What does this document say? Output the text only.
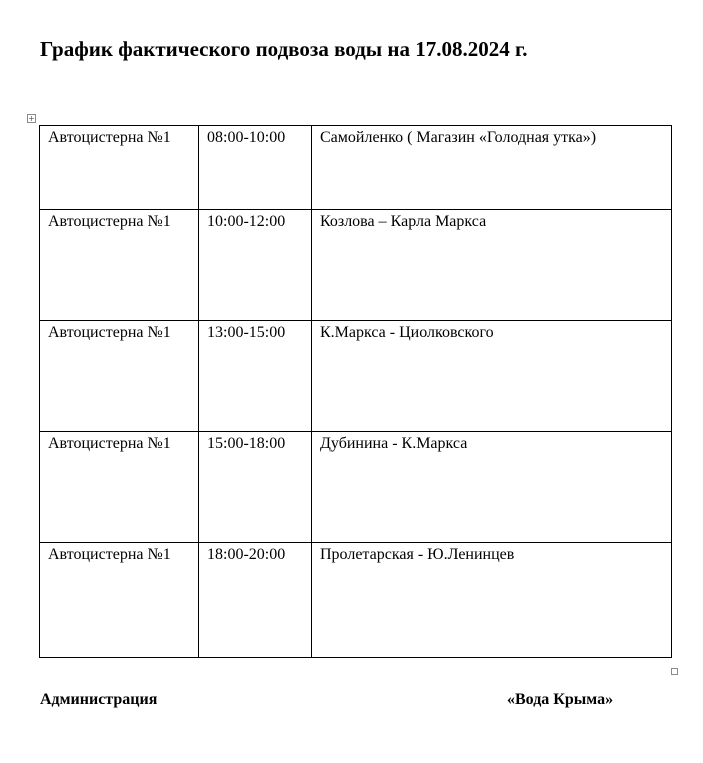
График фактического подвоза воды на 17.08.2024 г.
+
Автоцистерна №1	08:00-10:00	Самойленко ( Магазин «Голодная утка»)
Автоцистерна №1	10:00-12:00	Козлова – Карла Маркса
Автоцистерна №1	13:00-15:00	К.Маркса - Циолковского
Автоцистерна №1	15:00-18:00	Дубинина - К.Маркса
Автоцистерна №1	18:00-20:00	Пролетарская - Ю.Ленинцев
Администрация	«Вода Крыма»
